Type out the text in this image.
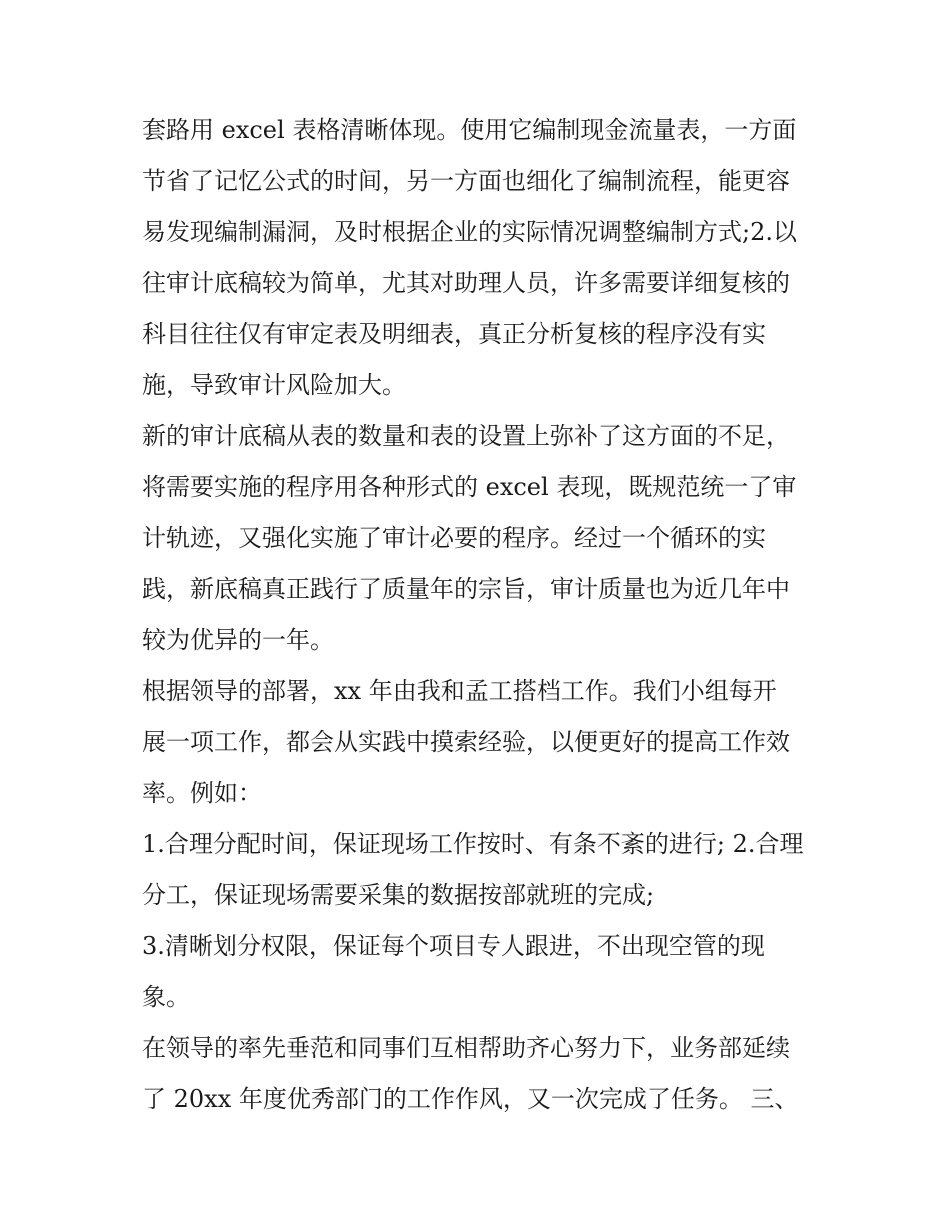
套路用 excel 表格清晰体现。使用它编制现金流量表，一方面
节省了记忆公式的时间，另一方面也细化了编制流程，能更容
易发现编制漏洞，及时根据企业的实际情况调整编制方式;2.以
往审计底稿较为简单，尤其对助理人员，许多需要详细复核的
科目往往仅有审定表及明细表，真正分析复核的程序没有实
施，导致审计风险加大。
新的审计底稿从表的数量和表的设置上弥补了这方面的不足，
将需要实施的程序用各种形式的 excel 表现，既规范统一了审
计轨迹，又强化实施了审计必要的程序。经过一个循环的实
践，新底稿真正践行了质量年的宗旨，审计质量也为近几年中
较为优异的一年。
根据领导的部署，xx 年由我和孟工搭档工作。我们小组每开
展一项工作，都会从实践中摸索经验，以便更好的提高工作效
率。例如：
1.合理分配时间，保证现场工作按时、有条不紊的进行; 2.合理
分工，保证现场需要采集的数据按部就班的完成;
3.清晰划分权限，保证每个项目专人跟进，不出现空管的现
象。
在领导的率先垂范和同事们互相帮助齐心努力下，业务部延续
了 20xx 年度优秀部门的工作作风，又一次完成了任务。 三、
